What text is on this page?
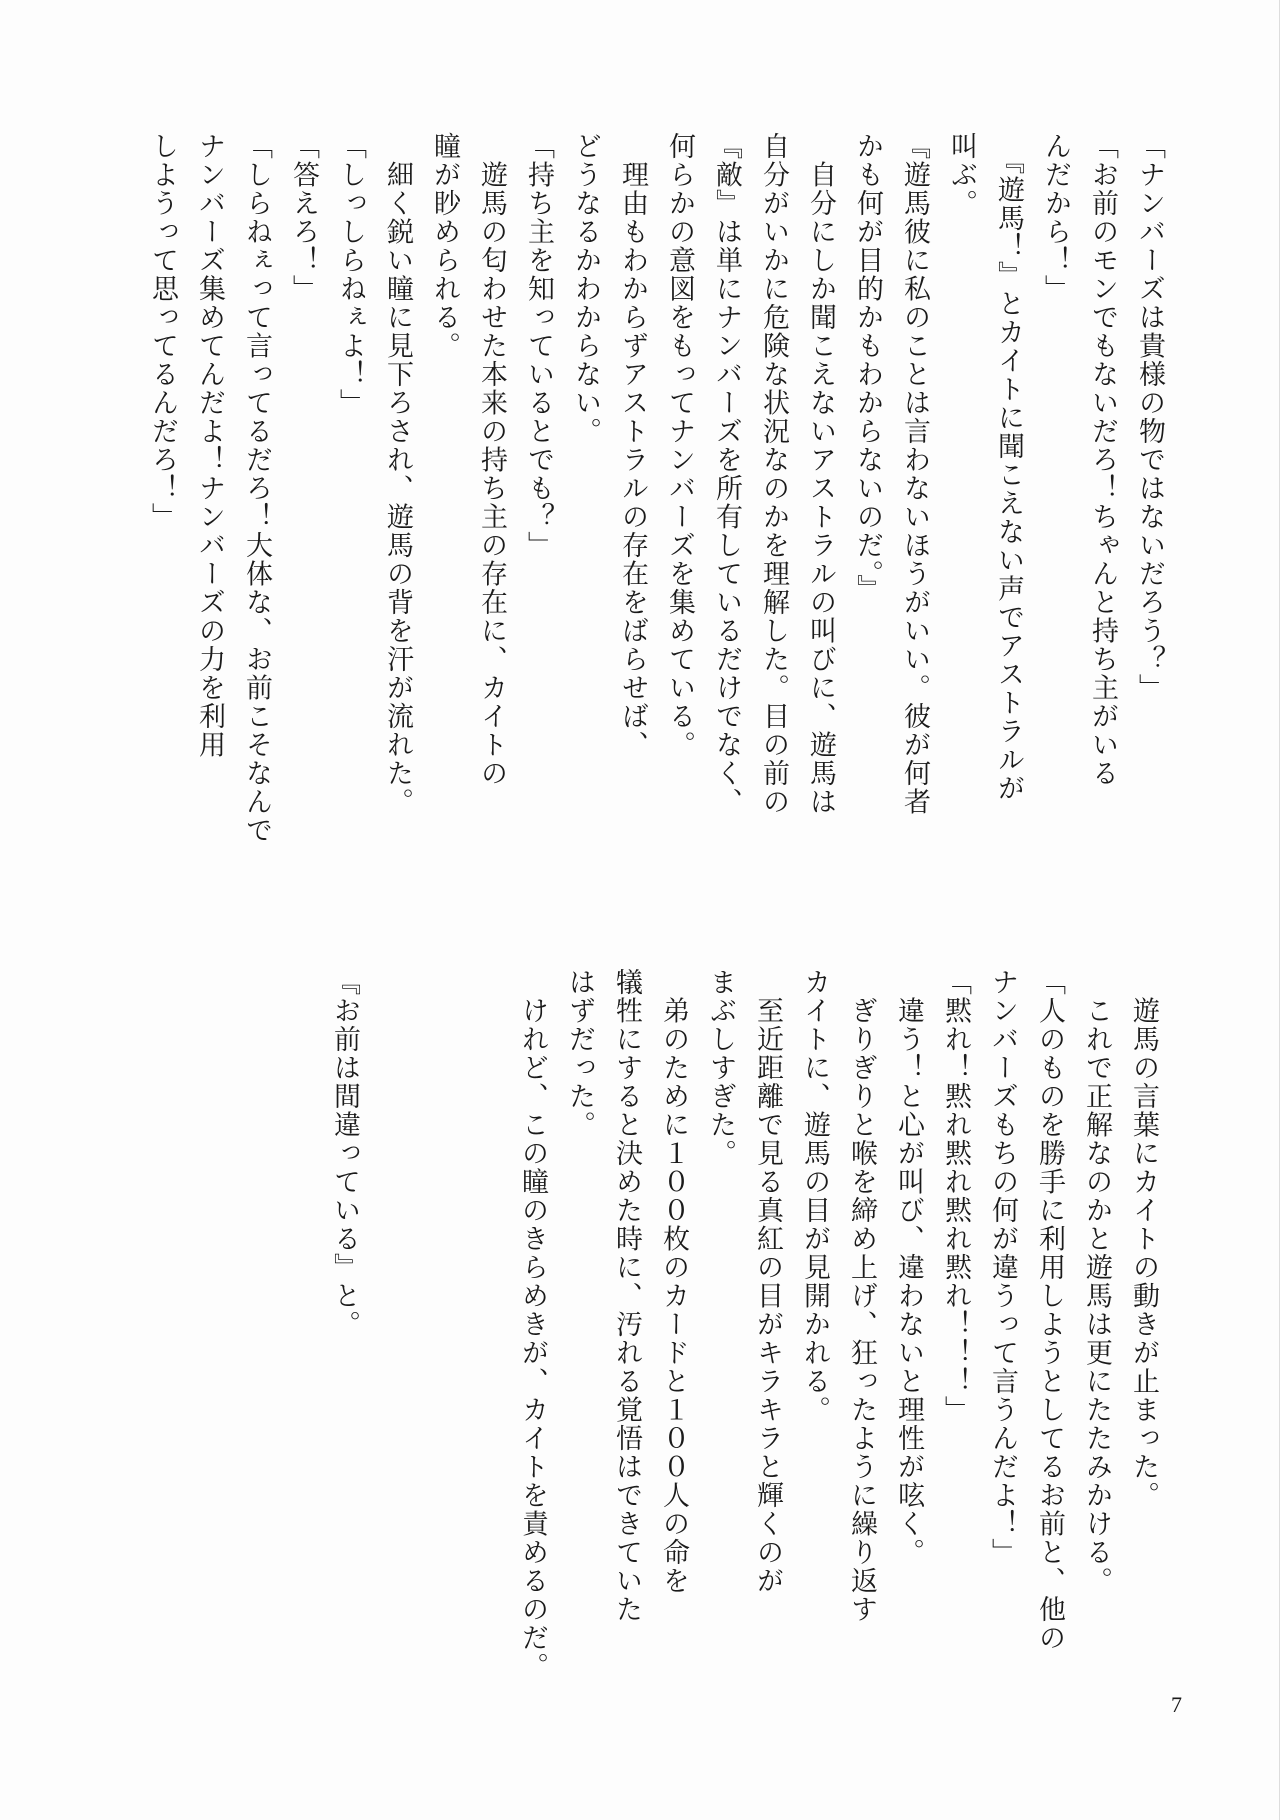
「ナンバーズは貴様の物ではないだろう？」
「お前のモンでもないだろ！ちゃんと持ち主がいる
んだから！」
　『遊馬！』とカイトに聞こえない声でアストラルが
叫ぶ。
『遊馬彼に私のことは言わないほうがいい。彼が何者
かも何が目的かもわからないのだ。』
　自分にしか聞こえないアストラルの叫びに、遊馬は
自分がいかに危険な状況なのかを理解した。目の前の
『敵』は単にナンバーズを所有しているだけでなく、
何らかの意図をもってナンバーズを集めている。
　理由もわからずアストラルの存在をばらせば、
どうなるかわからない。
「持ち主を知っているとでも？」
　遊馬の匂わせた本来の持ち主の存在に、カイトの
瞳が眇められる。
　細く鋭い瞳に見下ろされ、遊馬の背を汗が流れた。
「しっしらねぇよ！」
「答えろ！」
「しらねぇって言ってるだろ！大体な、お前こそなんで
ナンバーズ集めてんだよ！ナンバーズの力を利用
しようって思ってるんだろ！」
　遊馬の言葉にカイトの動きが止まった。
　これで正解なのかと遊馬は更にたたみかける。
「人のものを勝手に利用しようとしてるお前と、他の
ナンバーズもちの何が違うって言うんだよ！」
「黙れ！黙れ黙れ黙れ黙れ！！！」
　違う！と心が叫び、違わないと理性が呟く。
　ぎりぎりと喉を締め上げ、狂ったように繰り返す
カイトに、遊馬の目が見開かれる。
　至近距離で見る真紅の目がキラキラと輝くのが
まぶしすぎた。
　弟のために１００枚のカードと１００人の命を
犠牲にすると決めた時に、汚れる覚悟はできていた
はずだった。
　けれど、この瞳のきらめきが、カイトを責めるのだ。
『お前は間違っている』と。
7
